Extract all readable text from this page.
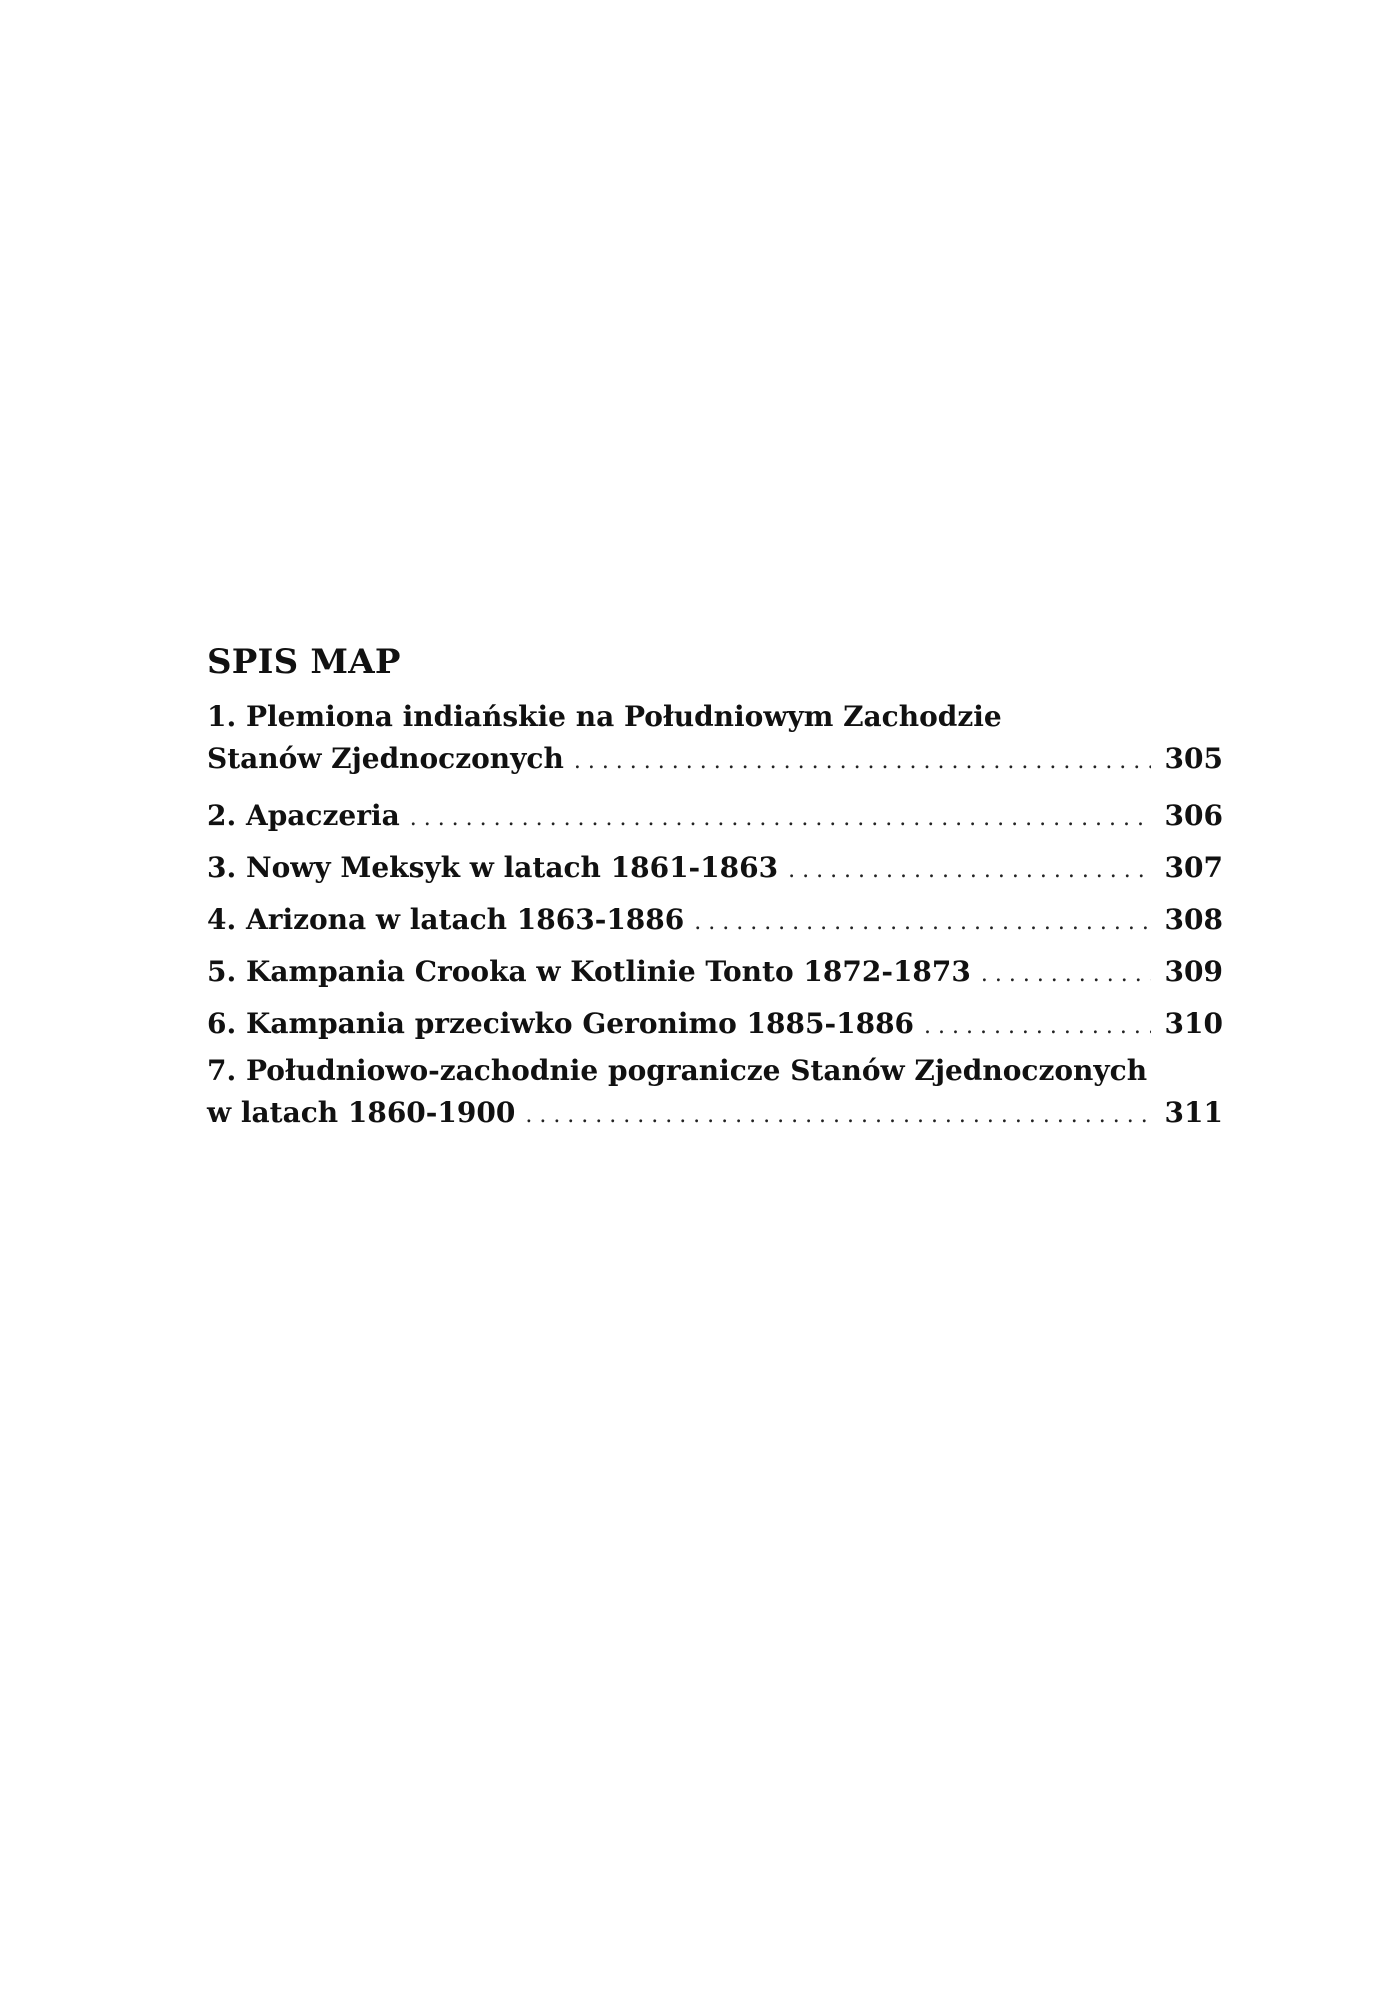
SPIS MAP
1. Plemiona indiańskie na Południowym Zachodzie
Stanów Zjednoczonych . . .	305
2. Apaczeria . . .	306
3. Nowy Meksyk w latach 1861-1863 . . .	307
4. Arizona w latach 1863-1886 . . .	308
5. Kampania Crooka w Kotlinie Tonto 1872-1873 . . .	309
6. Kampania przeciwko Geronimo 1885-1886 . . .	310
7. Południowo-zachodnie pogranicze Stanów Zjednoczonych
w latach 1860-1900 . . .	311
